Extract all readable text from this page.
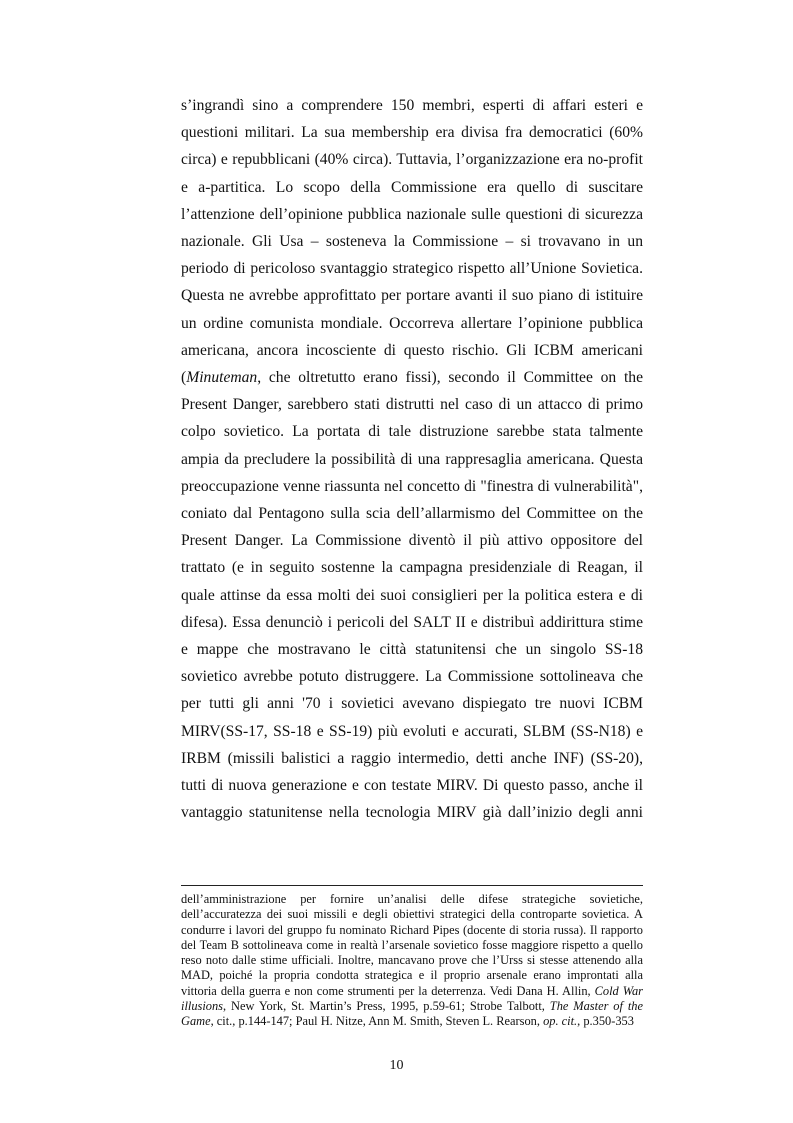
s’ingrandì sino a comprendere 150 membri, esperti di affari esteri e questioni militari. La sua membership era divisa fra democratici (60% circa) e repubblicani (40% circa). Tuttavia, l’organizzazione era no-profit e a-partitica. Lo scopo della Commissione era quello di suscitare l’attenzione dell’opinione pubblica nazionale sulle questioni di sicurezza nazionale. Gli Usa – sosteneva la Commissione – si trovavano in un periodo di pericoloso svantaggio strategico rispetto all’Unione Sovietica. Questa ne avrebbe approfittato per portare avanti il suo piano di istituire un ordine comunista mondiale. Occorreva allertare l’opinione pubblica americana, ancora incosciente di questo rischio. Gli ICBM americani (Minuteman, che oltretutto erano fissi), secondo il Committee on the Present Danger, sarebbero stati distrutti nel caso di un attacco di primo colpo sovietico. La portata di tale distruzione sarebbe stata talmente ampia da precludere la possibilità di una rappresaglia americana. Questa preoccupazione venne riassunta nel concetto di "finestra di vulnerabilità", coniato dal Pentagono sulla scia dell’allarmismo del Committee on the Present Danger. La Commissione diventò il più attivo oppositore del trattato (e in seguito sostenne la campagna presidenziale di Reagan, il quale attinse da essa molti dei suoi consiglieri per la politica estera e di difesa). Essa denunciò i pericoli del SALT II e distribuì addirittura stime e mappe che mostravano le città statunitensi che un singolo SS-18 sovietico avrebbe potuto distruggere. La Commissione sottolineava che per tutti gli anni '70 i sovietici avevano dispiegato tre nuovi ICBM MIRV(SS-17, SS-18 e SS-19) più evoluti e accurati, SLBM (SS-N18) e IRBM (missili balistici a raggio intermedio, detti anche INF) (SS-20), tutti di nuova generazione e con testate MIRV. Di questo passo, anche il vantaggio statunitense nella tecnologia MIRV già dall’inizio degli anni

dell’amministrazione per fornire un’analisi delle difese strategiche sovietiche, dell’accuratezza dei suoi missili e degli obiettivi strategici della controparte sovietica. A condurre i lavori del gruppo fu nominato Richard Pipes (docente di storia russa). Il rapporto del Team B sottolineava come in realtà l’arsenale sovietico fosse maggiore rispetto a quello reso noto dalle stime ufficiali. Inoltre, mancavano prove che l’Urss si stesse attenendo alla MAD, poiché la propria condotta strategica e il proprio arsenale erano improntati alla vittoria della guerra e non come strumenti per la deterrenza. Vedi Dana H. Allin, Cold War illusions, New York, St. Martin’s Press, 1995, p.59-61; Strobe Talbott, The Master of the Game, cit., p.144-147; Paul H. Nitze, Ann M. Smith, Steven L. Rearson, op. cit., p.350-353

10
